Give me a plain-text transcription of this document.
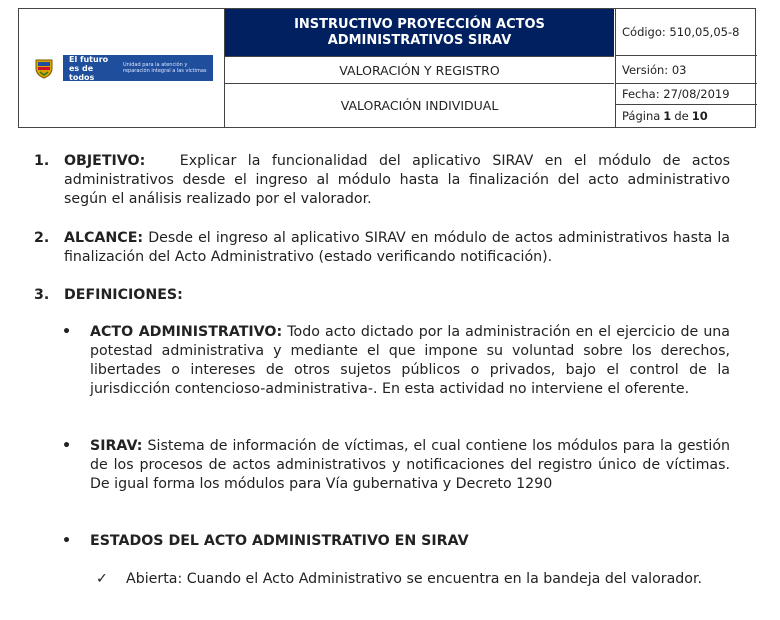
El futuro
es de todos
Unidad para la atención y reparación integral a las víctimas
INSTRUCTIVO PROYECCIÓN ACTOS ADMINISTRATIVOS SIRAV
VALORACIÓN Y REGISTRO
VALORACIÓN INDIVIDUAL
Código: 510,05,05-8
Versión: 03
Fecha: 27/08/2019
Página 1 de 10
1. OBJETIVO: Explicar la funcionalidad del aplicativo SIRAV en el módulo de actos administrativos desde el ingreso al módulo hasta la finalización del acto administrativo según el análisis realizado por el valorador.
2. ALCANCE: Desde el ingreso al aplicativo SIRAV en módulo de actos administrativos hasta la finalización del Acto Administrativo (estado verificando notificación).
3. DEFINICIONES:
• ACTO ADMINISTRATIVO: Todo acto dictado por la administración en el ejercicio de una potestad administrativa y mediante el que impone su voluntad sobre los derechos, libertades o intereses de otros sujetos públicos o privados, bajo el control de la jurisdicción contencioso-administrativa-. En esta actividad no interviene el oferente.
• SIRAV: Sistema de información de víctimas, el cual contiene los módulos para la gestión de los procesos de actos administrativos y notificaciones del registro único de víctimas. De igual forma los módulos para Vía gubernativa y Decreto 1290
• ESTADOS DEL ACTO ADMINISTRATIVO EN SIRAV
✓ Abierta: Cuando el Acto Administrativo se encuentra en la bandeja del valorador.
